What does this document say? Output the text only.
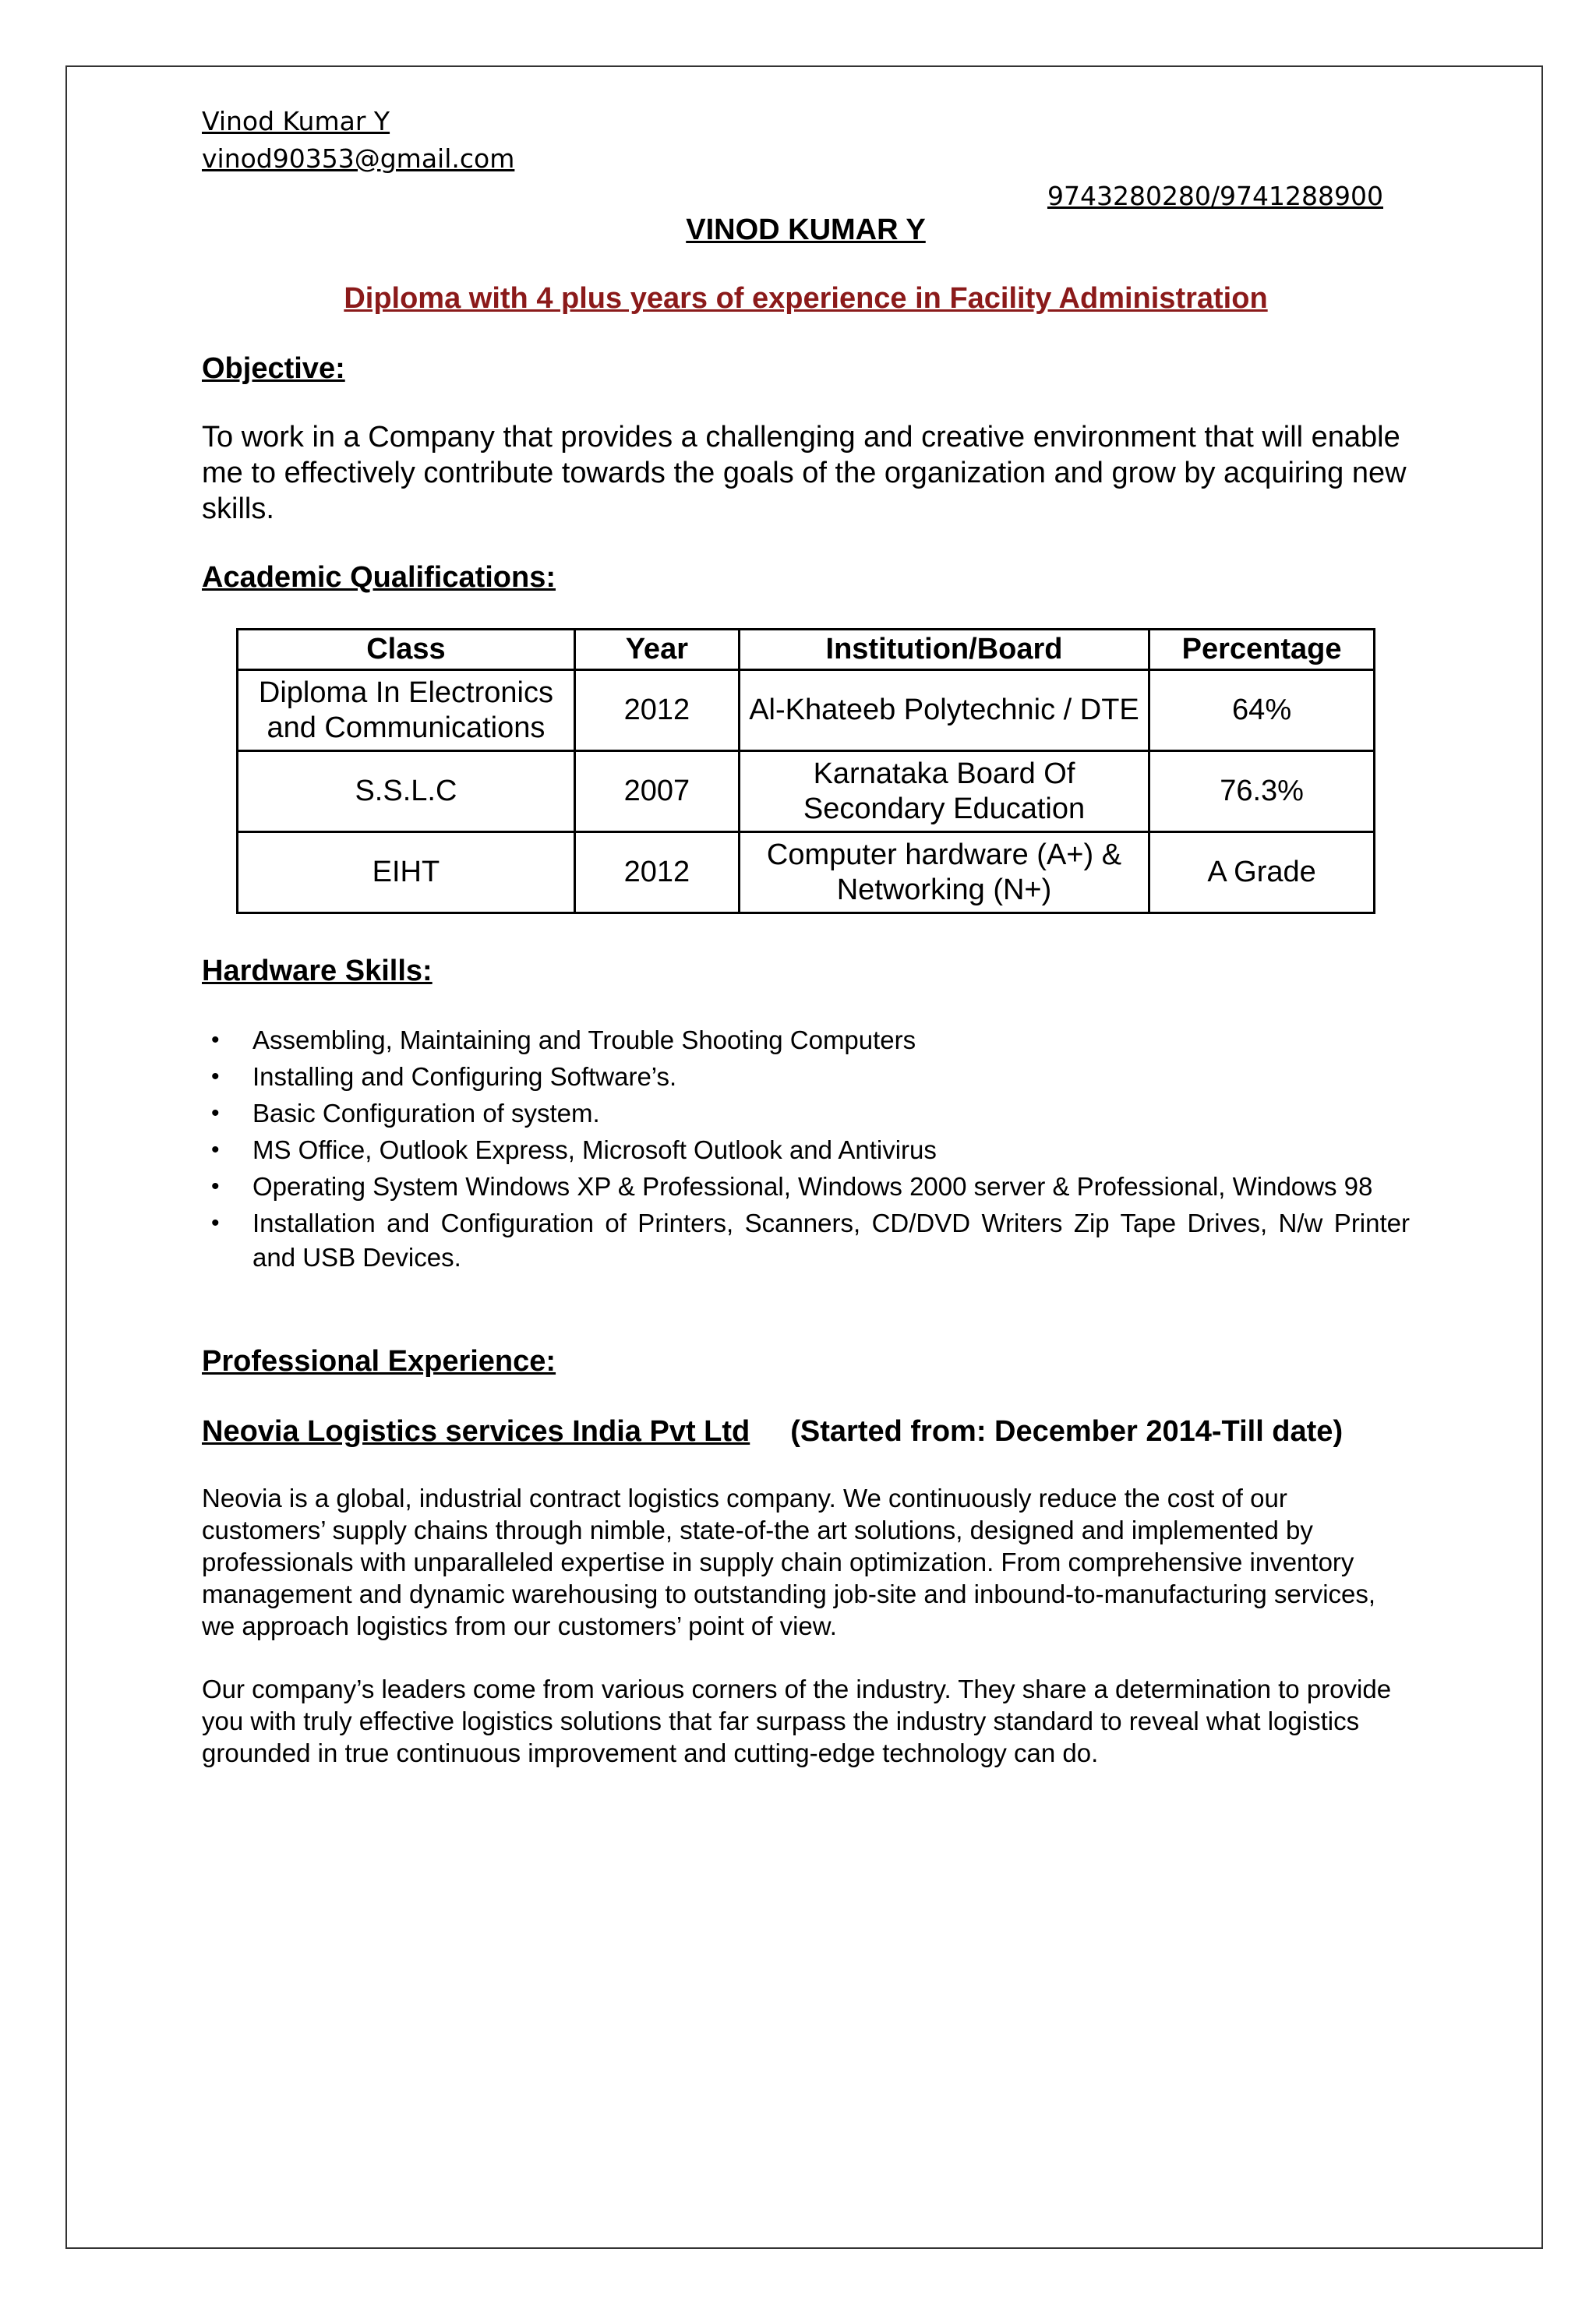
Vinod Kumar Y
vinod90353@gmail.com
9743280280/9741288900
VINOD KUMAR Y
Diploma with 4 plus years of experience in Facility Administration
Objective:
To work in a Company that provides a challenging and creative environment that will enable me to effectively contribute towards the goals of the organization and grow by acquiring new skills.
Academic Qualifications:
Class	Year	Institution/Board	Percentage
Diploma In Electronics and Communications	2012	Al-Khateeb Polytechnic / DTE	64%
S.S.L.C	2007	Karnataka Board Of Secondary Education	76.3%
EIHT	2012	Computer hardware (A+) & Networking (N+)	A Grade
Hardware Skills:
• Assembling, Maintaining and Trouble Shooting Computers
• Installing and Configuring Software’s.
• Basic Configuration of system.
• MS Office, Outlook Express, Microsoft Outlook and Antivirus
• Operating System Windows XP & Professional, Windows 2000 server & Professional, Windows 98
• Installation and Configuration of Printers, Scanners, CD/DVD Writers Zip Tape Drives, N/w Printer and USB Devices.
Professional Experience:
Neovia Logistics services India Pvt Ltd (Started from: December 2014-Till date)
Neovia is a global, industrial contract logistics company. We continuously reduce the cost of our customers’ supply chains through nimble, state-of-the art solutions, designed and implemented by professionals with unparalleled expertise in supply chain optimization. From comprehensive inventory management and dynamic warehousing to outstanding job-site and inbound-to-manufacturing services, we approach logistics from our customers’ point of view.
Our company’s leaders come from various corners of the industry. They share a determination to provide you with truly effective logistics solutions that far surpass the industry standard to reveal what logistics grounded in true continuous improvement and cutting-edge technology can do.
